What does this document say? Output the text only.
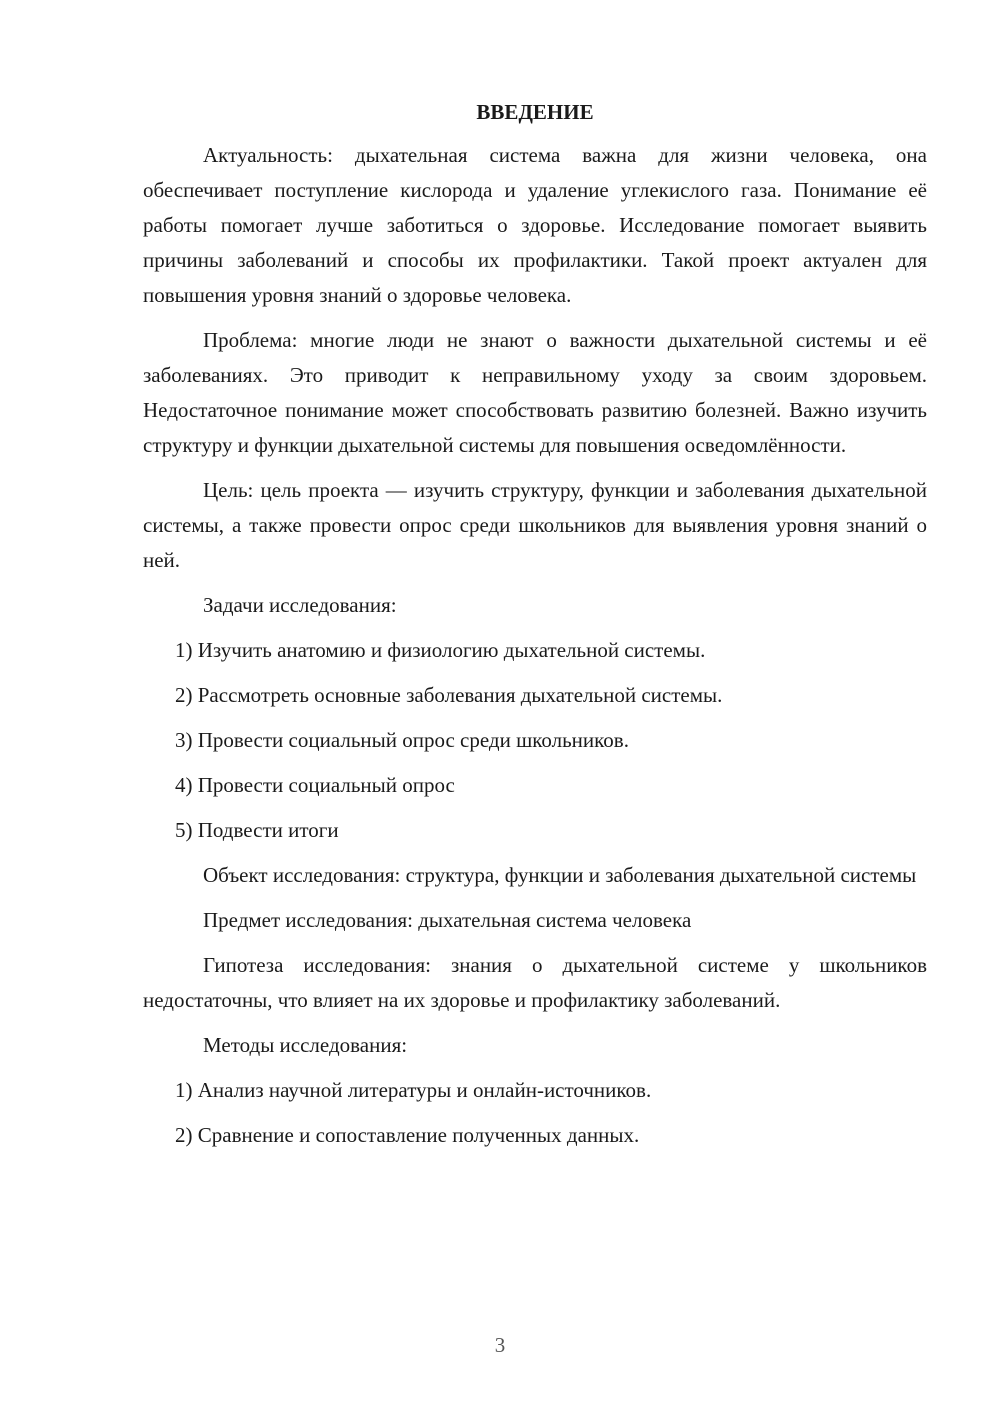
ВВЕДЕНИЕ

Актуальность: дыхательная система важна для жизни человека, она обеспечивает поступление кислорода и удаление углекислого газа. Понимание её работы помогает лучше заботиться о здоровье. Исследование помогает выявить причины заболеваний и способы их профилактики. Такой проект актуален для повышения уровня знаний о здоровье человека.

Проблема: многие люди не знают о важности дыхательной системы и её заболеваниях. Это приводит к неправильному уходу за своим здоровьем. Недостаточное понимание может способствовать развитию болезней. Важно изучить структуру и функции дыхательной системы для повышения осведомлённости.

Цель: цель проекта — изучить структуру, функции и заболевания дыхательной системы, а также провести опрос среди школьников для выявления уровня знаний о ней.

Задачи исследования:

1) Изучить анатомию и физиологию дыхательной системы.
2) Рассмотреть основные заболевания дыхательной системы.
3) Провести социальный опрос среди школьников.
4) Провести социальный опрос
5) Подвести итоги

Объект исследования: структура, функции и заболевания дыхательной системы

Предмет исследования: дыхательная система человека

Гипотеза исследования: знания о дыхательной системе у школьников недостаточны, что влияет на их здоровье и профилактику заболеваний.

Методы исследования:

1) Анализ научной литературы и онлайн-источников.
2) Сравнение и сопоставление полученных данных.
3
